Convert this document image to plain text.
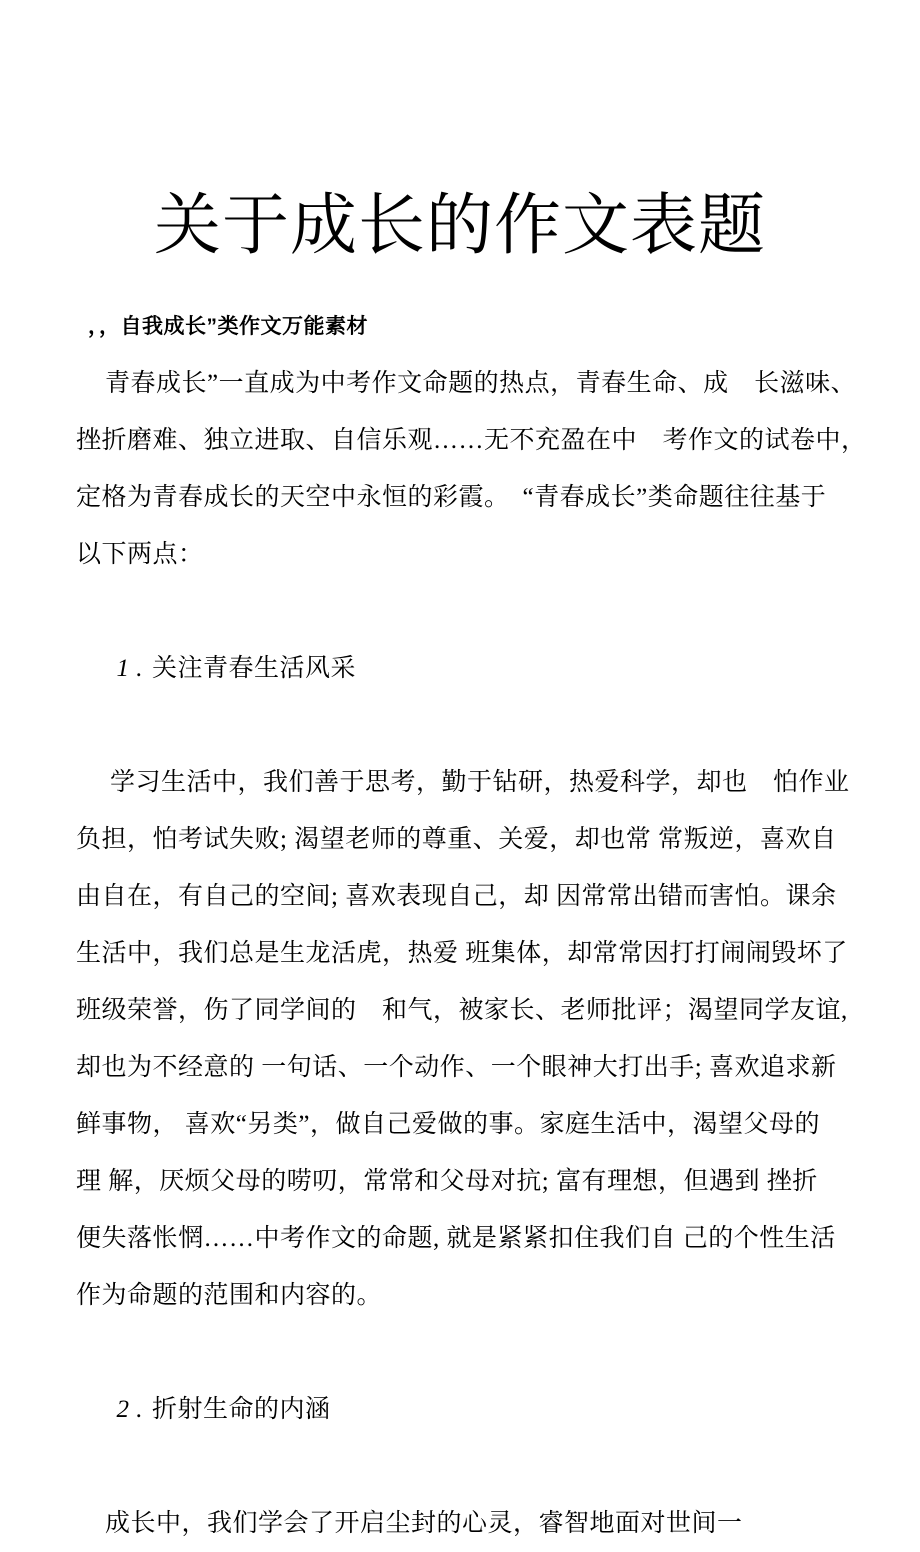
关于成长的作文表题

，，自我成长”类作文万能素材

青春成长”一直成为中考作文命题的热点，青春生命、成　长滋味、
挫折磨难、独立进取、自信乐观……无不充盈在中　考作文的试卷中，
定格为青春成长的天空中永恒的彩霞。　“青春成长”类命题往往基于
以下两点：

1 . 关注青春生活风采

学习生活中，我们善于思考，勤于钻研，热爱科学，却也　怕作业
负担，怕考试失败; 渴望老师的尊重、关爱，却也常 常叛逆，喜欢自
由自在，有自己的空间; 喜欢表现自己，却 因常常出错而害怕。课余
生活中，我们总是生龙活虎，热爱 班集体，却常常因打打闹闹毁坏了
班级荣誉，伤了同学间的　和气，被家长、老师批评；渴望同学友谊,
却也为不经意的 一句话、一个动作、一个眼神大打出手; 喜欢追求新
鲜事物， 喜欢“另类”，做自己爱做的事。家庭生活中，渴望父母的
理 解，厌烦父母的唠叨，常常和父母对抗; 富有理想，但遇到 挫折
便失落怅惘……中考作文的命题, 就是紧紧扣住我们自 己的个性生活
作为命题的范围和内容的。

2 . 折射生命的内涵

成长中，我们学会了开启尘封的心灵，睿智地面对世间一
